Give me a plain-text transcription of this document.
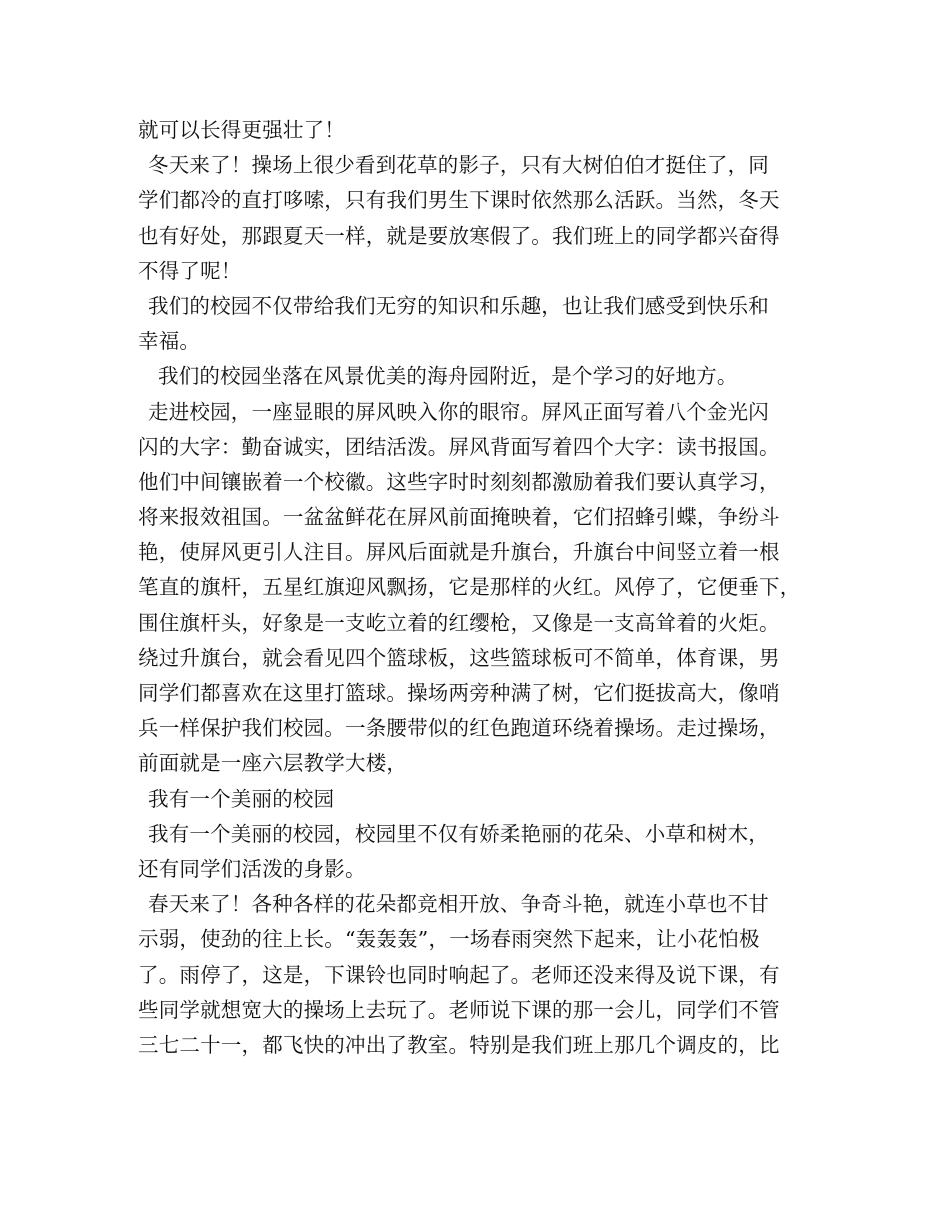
就可以长得更强壮了！
冬天来了！操场上很少看到花草的影子，只有大树伯伯才挺住了，同
学们都冷的直打哆嗦，只有我们男生下课时依然那么活跃。当然，冬天
也有好处，那跟夏天一样，就是要放寒假了。我们班上的同学都兴奋得
不得了呢！
我们的校园不仅带给我们无穷的知识和乐趣，也让我们感受到快乐和
幸福。
我们的校园坐落在风景优美的海舟园附近，是个学习的好地方。
走进校园，一座显眼的屏风映入你的眼帘。屏风正面写着八个金光闪
闪的大字：勤奋诚实，团结活泼。屏风背面写着四个大字：读书报国。
他们中间镶嵌着一个校徽。这些字时时刻刻都激励着我们要认真学习，
将来报效祖国。一盆盆鲜花在屏风前面掩映着，它们招蜂引蝶，争纷斗
艳，使屏风更引人注目。屏风后面就是升旗台，升旗台中间竖立着一根
笔直的旗杆，五星红旗迎风飘扬，它是那样的火红。风停了，它便垂下，
围住旗杆头，好象是一支屹立着的红缨枪，又像是一支高耸着的火炬。
绕过升旗台，就会看见四个篮球板，这些篮球板可不简单，体育课，男
同学们都喜欢在这里打篮球。操场两旁种满了树，它们挺拔高大，像哨
兵一样保护我们校园。一条腰带似的红色跑道环绕着操场。走过操场，
前面就是一座六层教学大楼，
我有一个美丽的校园
我有一个美丽的校园，校园里不仅有娇柔艳丽的花朵、小草和树木，
还有同学们活泼的身影。
春天来了！各种各样的花朵都竞相开放、争奇斗艳，就连小草也不甘
示弱，使劲的往上长。“轰轰轰”，一场春雨突然下起来，让小花怕极
了。雨停了，这是，下课铃也同时响起了。老师还没来得及说下课，有
些同学就想宽大的操场上去玩了。老师说下课的那一会儿，同学们不管
三七二十一，都飞快的冲出了教室。特别是我们班上那几个调皮的，比
